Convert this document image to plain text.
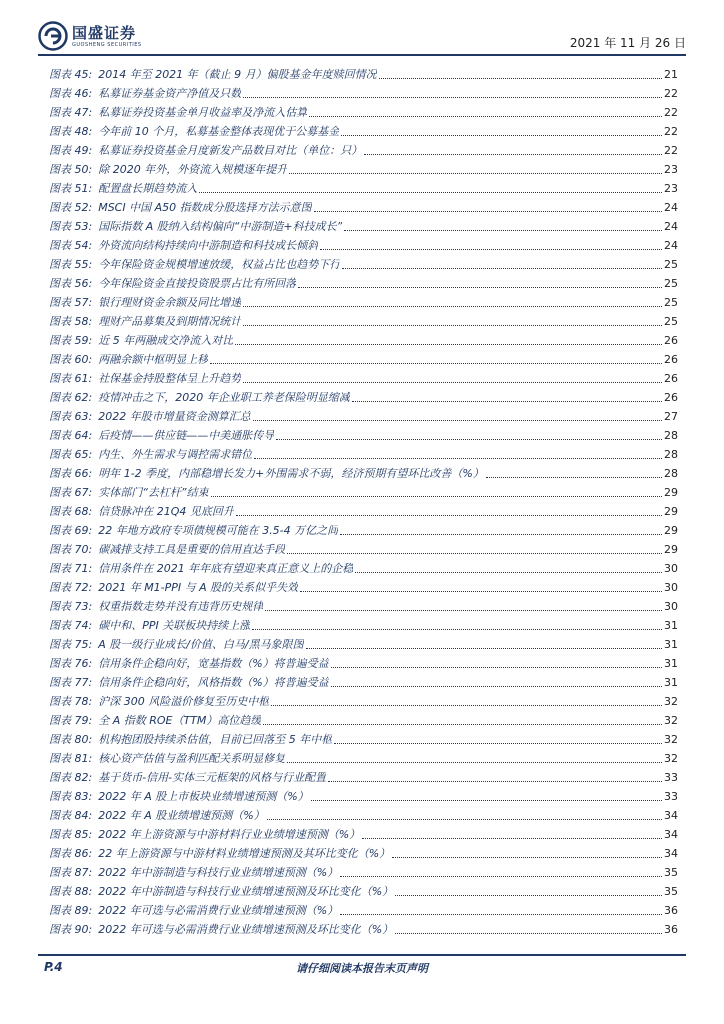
国盛证券
GUOSHENG SECURITIES	2021 年 11 月 26 日
图表 45: 2014 年至 2021 年（截止 9 月）偏股基金年度赎回情况	21
图表 46: 私募证券基金资产净值及只数	22
图表 47: 私募证券投资基金单月收益率及净流入估算	22
图表 48: 今年前 10 个月，私募基金整体表现优于公募基金	22
图表 49: 私募证券投资基金月度新发产品数目对比（单位：只）	22
图表 50: 除 2020 年外，外资流入规模逐年提升	23
图表 51: 配置盘长期趋势流入	23
图表 52: MSCI 中国 A50 指数成分股选择方法示意图	24
图表 53: 国际指数 A 股纳入结构偏向“中游制造+科技成长”	24
图表 54: 外资流向结构持续向中游制造和科技成长倾斜	24
图表 55: 今年保险资金规模增速放缓，权益占比也趋势下行	25
图表 56: 今年保险资金直接投资股票占比有所回落	25
图表 57: 银行理财资金余额及同比增速	25
图表 58: 理财产品募集及到期情况统计	25
图表 59: 近 5 年两融成交净流入对比	26
图表 60: 两融余额中枢明显上移	26
图表 61: 社保基金持股整体呈上升趋势	26
图表 62: 疫情冲击之下，2020 年企业职工养老保险明显缩减	26
图表 63: 2022 年股市增量资金测算汇总	27
图表 64: 后疫情——供应链——中美通胀传导	28
图表 65: 内生、外生需求与调控需求错位	28
图表 66: 明年 1-2 季度，内部稳增长发力+外围需求不弱，经济预期有望环比改善（%）	28
图表 67: 实体部门“去杠杆”结束	29
图表 68: 信贷脉冲在 21Q4 见底回升	29
图表 69: 22 年地方政府专项债规模可能在 3.5-4 万亿之间	29
图表 70: 碳减排支持工具是重要的信用直达手段	29
图表 71: 信用条件在 2021 年年底有望迎来真正意义上的企稳	30
图表 72: 2021 年 M1-PPI 与 A 股的关系似乎失效	30
图表 73: 权重指数走势并没有违背历史规律	30
图表 74: 碳中和、PPI 关联板块持续上涨	31
图表 75: A 股一级行业成长/价值、白马/黑马象限图	31
图表 76: 信用条件企稳向好，宽基指数（%）将普遍受益	31
图表 77: 信用条件企稳向好，风格指数（%）将普遍受益	31
图表 78: 沪深 300 风险溢价修复至历史中枢	32
图表 79: 全 A 指数 ROE（TTM）高位趋缓	32
图表 80: 机构抱团股持续杀估值，目前已回落至 5 年中枢	32
图表 81: 核心资产估值与盈利匹配关系明显修复	32
图表 82: 基于货币-信用-实体三元框架的风格与行业配置	33
图表 83: 2022 年 A 股上市板块业绩增速预测（%）	33
图表 84: 2022 年 A 股业绩增速预测（%）	34
图表 85: 2022 年上游资源与中游材料行业业绩增速预测（%）	34
图表 86: 22 年上游资源与中游材料业绩增速预测及其环比变化（%）	34
图表 87: 2022 年中游制造与科技行业业绩增速预测（%）	35
图表 88: 2022 年中游制造与科技行业业绩增速预测及环比变化（%）	35
图表 89: 2022 年可选与必需消费行业业绩增速预测（%）	36
图表 90: 2022 年可选与必需消费行业业绩增速预测及环比变化（%）	36
P.4	请仔细阅读本报告末页声明
